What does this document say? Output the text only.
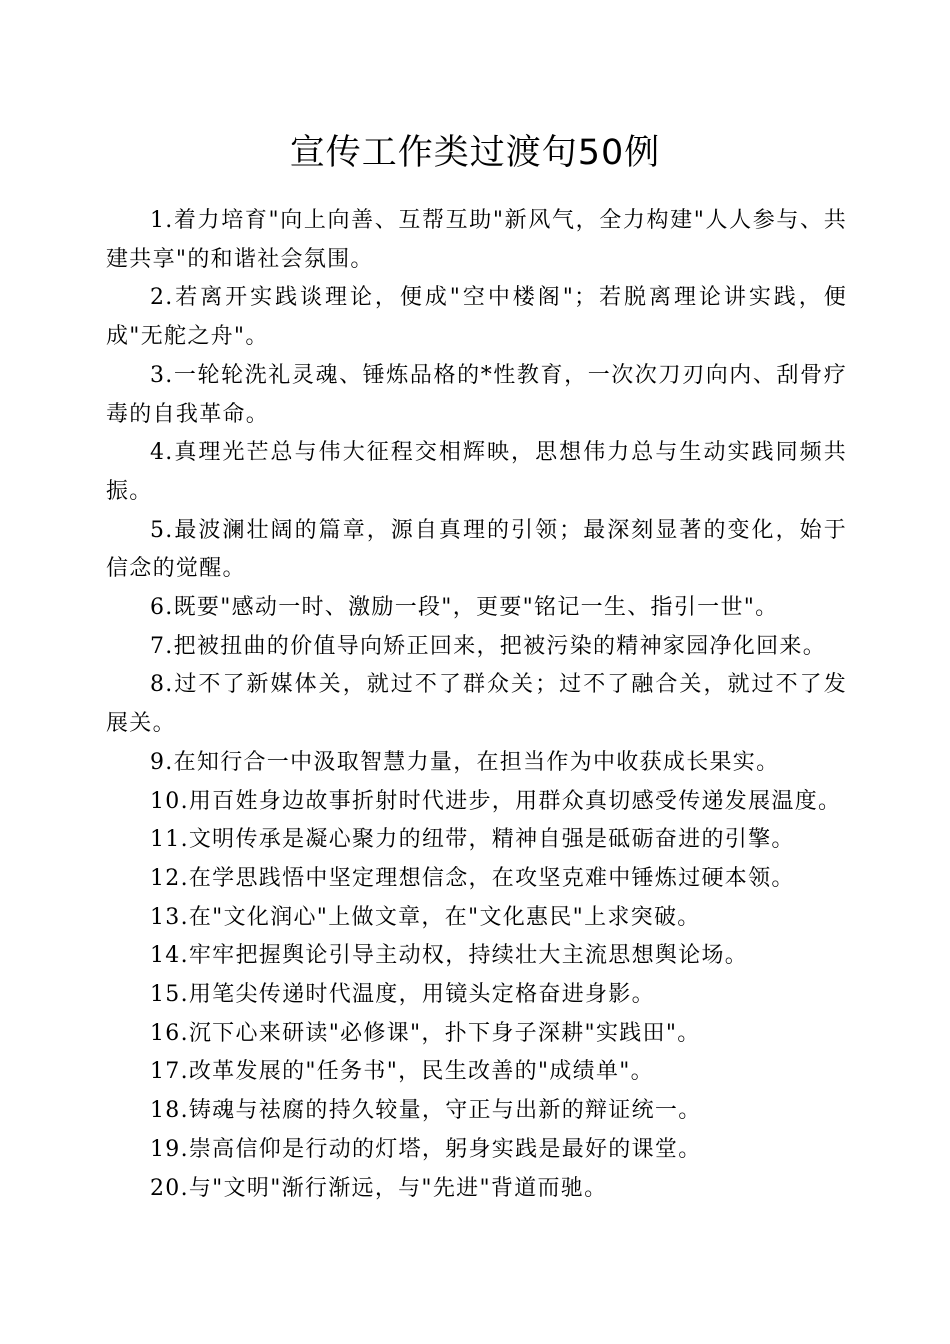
宣传工作类过渡句50例

1.着力培育"向上向善、互帮互助"新风气，全力构建"人人参与、共建共享"的和谐社会氛围。

2.若离开实践谈理论，便成"空中楼阁"；若脱离理论讲实践，便成"无舵之舟"。

3.一轮轮洗礼灵魂、锤炼品格的*性教育，一次次刀刃向内、刮骨疗毒的自我革命。

4.真理光芒总与伟大征程交相辉映，思想伟力总与生动实践同频共振。

5.最波澜壮阔的篇章，源自真理的引领；最深刻显著的变化，始于信念的觉醒。

6.既要"感动一时、激励一段"，更要"铭记一生、指引一世"。

7.把被扭曲的价值导向矫正回来，把被污染的精神家园净化回来。

8.过不了新媒体关，就过不了群众关；过不了融合关，就过不了发展关。

9.在知行合一中汲取智慧力量，在担当作为中收获成长果实。

10.用百姓身边故事折射时代进步，用群众真切感受传递发展温度。

11.文明传承是凝心聚力的纽带，精神自强是砥砺奋进的引擎。

12.在学思践悟中坚定理想信念，在攻坚克难中锤炼过硬本领。

13.在"文化润心"上做文章，在"文化惠民"上求突破。

14.牢牢把握舆论引导主动权，持续壮大主流思想舆论场。

15.用笔尖传递时代温度，用镜头定格奋进身影。

16.沉下心来研读"必修课"，扑下身子深耕"实践田"。

17.改革发展的"任务书"，民生改善的"成绩单"。

18.铸魂与祛腐的持久较量，守正与出新的辩证统一。

19.崇高信仰是行动的灯塔，躬身实践是最好的课堂。

20.与"文明"渐行渐远，与"先进"背道而驰。
